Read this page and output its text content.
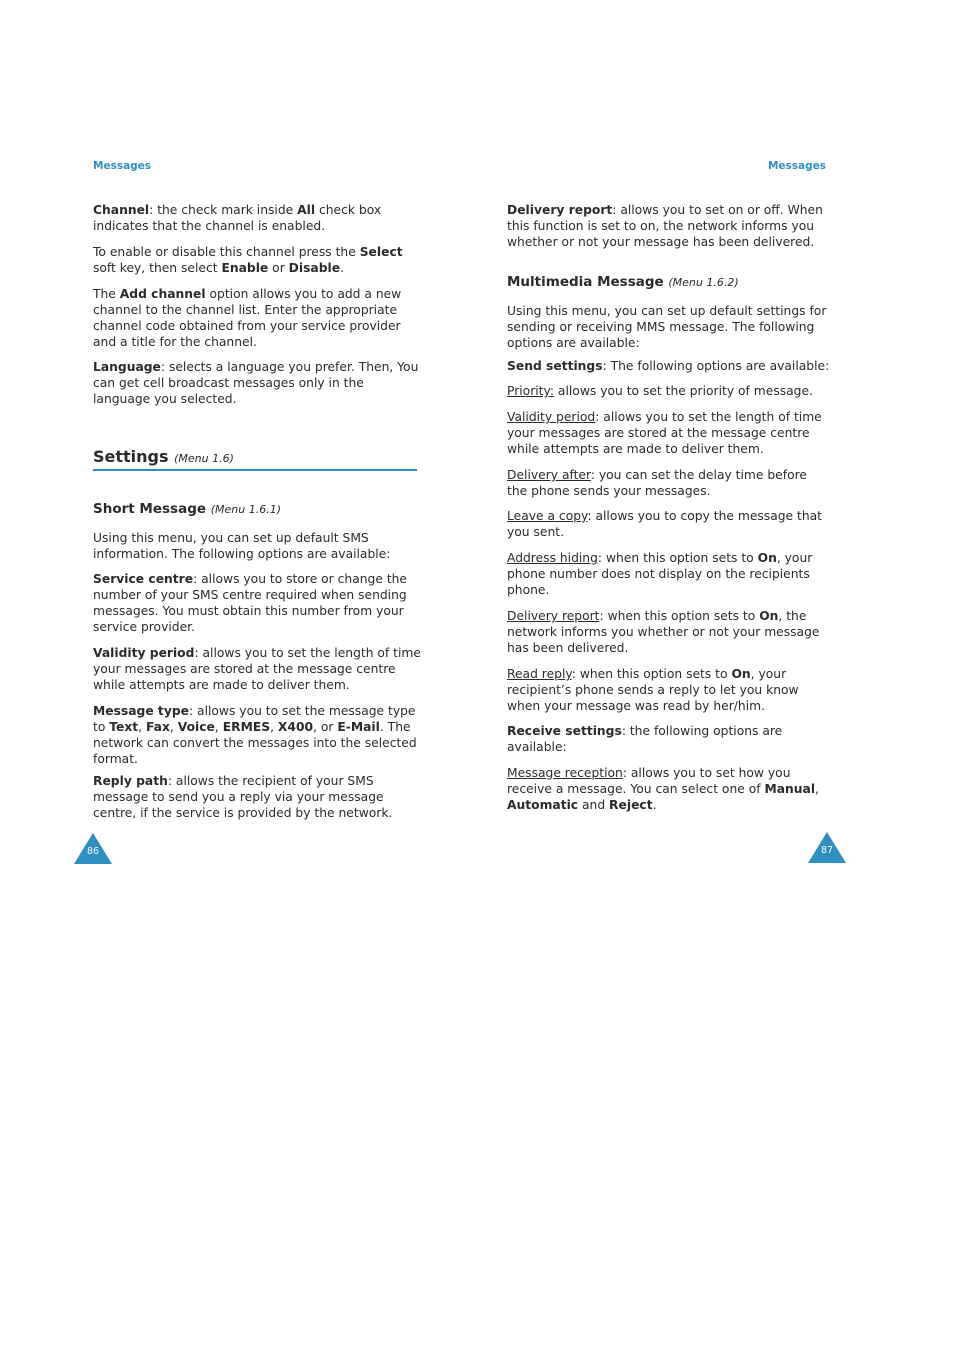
Messages	Messages

Channel: the check mark inside All check box indicates that the channel is enabled.

To enable or disable this channel press the Select soft key, then select Enable or Disable.

The Add channel option allows you to add a new channel to the channel list. Enter the appropriate channel code obtained from your service provider and a title for the channel.

Language: selects a language you prefer. Then, You can get cell broadcast messages only in the language you selected.

Settings (Menu 1.6)
Short Message (Menu 1.6.1)

Using this menu, you can set up default SMS information. The following options are available:

Service centre: allows you to store or change the number of your SMS centre required when sending messages. You must obtain this number from your service provider.

Validity period: allows you to set the length of time your messages are stored at the message centre while attempts are made to deliver them.

Message type: allows you to set the message type to Text, Fax, Voice, ERMES, X400, or E-Mail. The network can convert the messages into the selected format.

Reply path: allows the recipient of your SMS message to send you a reply via your message centre, if the service is provided by the network.

Delivery report: allows you to set on or off. When this function is set to on, the network informs you whether or not your message has been delivered.

Multimedia Message (Menu 1.6.2)

Using this menu, you can set up default settings for sending or receiving MMS message. The following options are available:

Send settings: The following options are available:

Priority: allows you to set the priority of message.

Validity period: allows you to set the length of time your messages are stored at the message centre while attempts are made to deliver them.

Delivery after: you can set the delay time before the phone sends your messages.

Leave a copy: allows you to copy the message that you sent.

Address hiding: when this option sets to On, your phone number does not display on the recipients phone.

Delivery report: when this option sets to On, the network informs you whether or not your message has been delivered.

Read reply: when this option sets to On, your recipient’s phone sends a reply to let you know when your message was read by her/him.

Receive settings: the following options are available:

Message reception: allows you to set how you receive a message. You can select one of Manual, Automatic and Reject.

86	87
